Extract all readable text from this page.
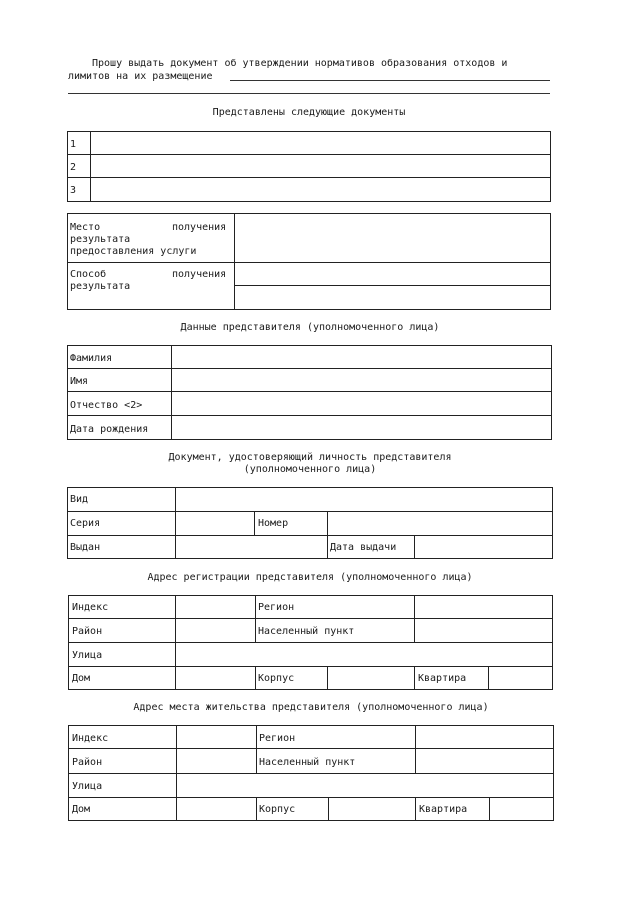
Прошу выдать документ об утверждении нормативов образования отходов и
лимитов на их размещение
Представлены следующие документы
1
2
3
Место	получения
результата
предоставления услуги
Способ	получения
результата
Данные представителя (уполномоченного лица)
Фамилия
Имя
Отчество <2>
Дата рождения
Документ, удостоверяющий личность представителя
(уполномоченного лица)
Вид
Серия	Номер
Выдан	Дата выдачи
Адрес регистрации представителя (уполномоченного лица)
Индекс	Регион
Район	Населенный пункт
Улица
Дом	Корпус	Квартира
Адрес места жительства представителя (уполномоченного лица)
Индекс	Регион
Район	Населенный пункт
Улица
Дом	Корпус	Квартира
